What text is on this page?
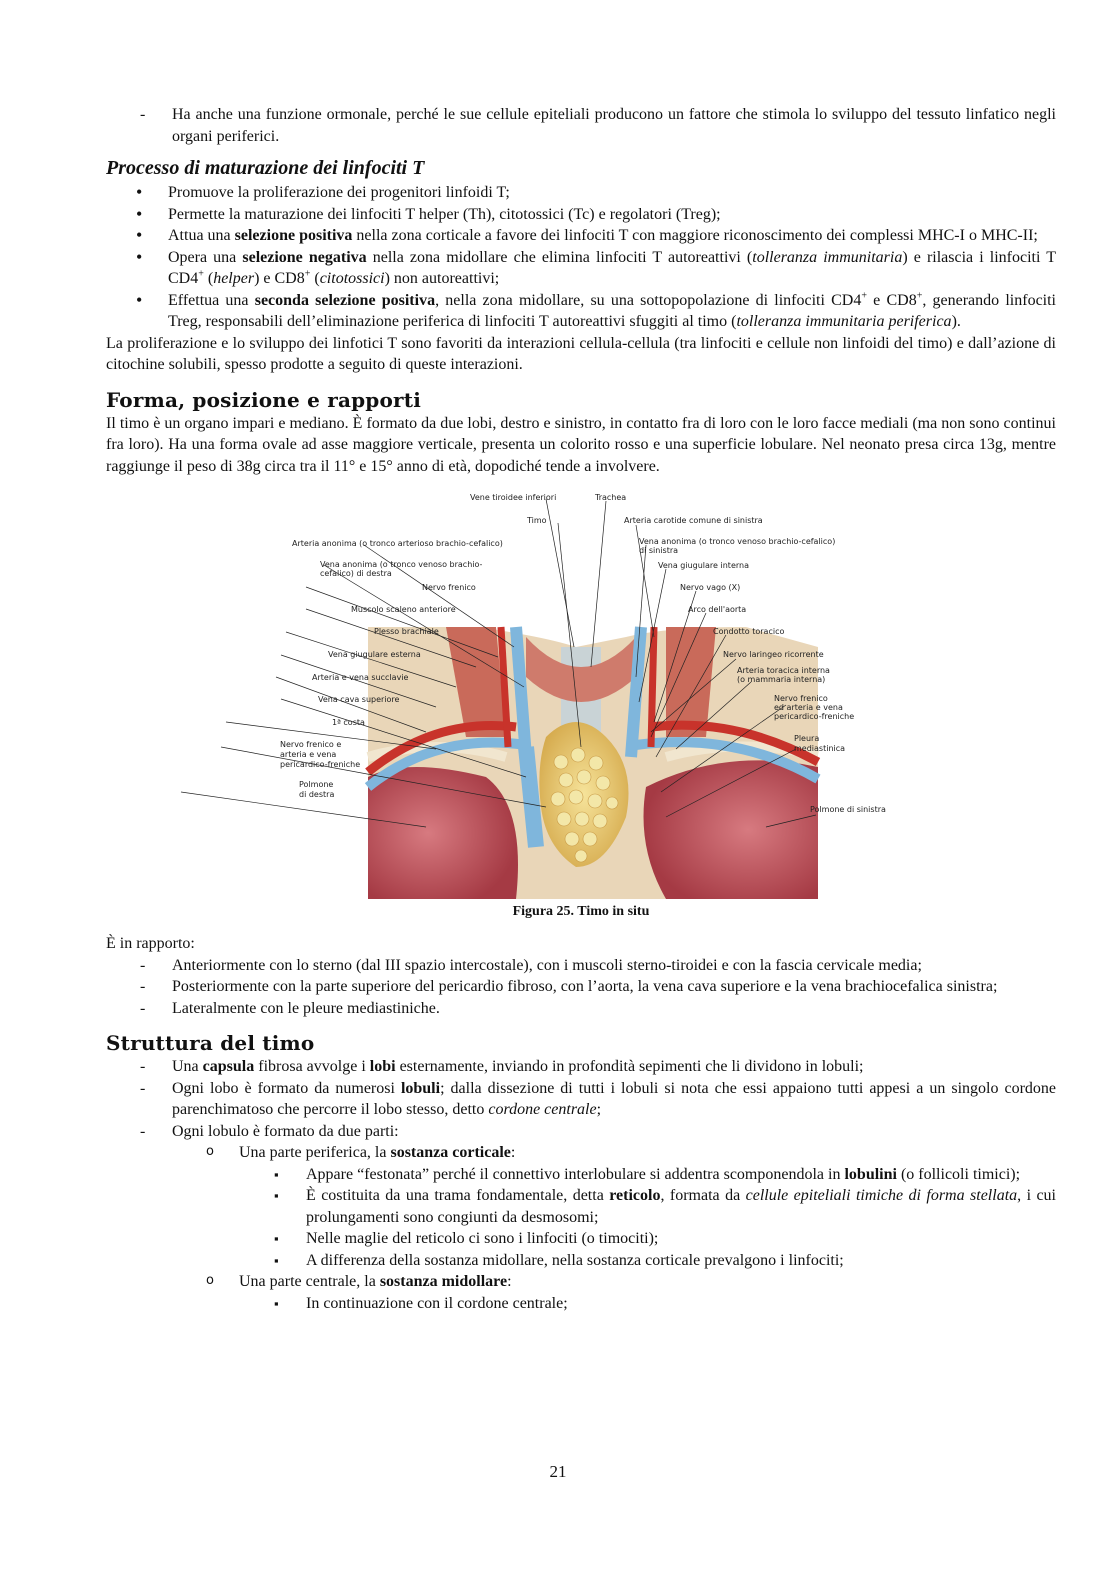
- Ha anche una funzione ormonale, perché le sue cellule epiteliali producono un fattore che stimola lo sviluppo del tessuto linfatico negli organi periferici.
Processo di maturazione dei linfociti T
• Promuove la proliferazione dei progenitori linfoidi T;
• Permette la maturazione dei linfociti T helper (Th), citotossici (Tc) e regolatori (Treg);
• Attua una selezione positiva nella zona corticale a favore dei linfociti T con maggiore riconoscimento dei complessi MHC-I o MHC-II;
• Opera una selezione negativa nella zona midollare che elimina linfociti T autoreattivi (tolleranza immunitaria) e rilascia i linfociti T CD4+ (helper) e CD8+ (citotossici) non autoreattivi;
• Effettua una seconda selezione positiva, nella zona midollare, su una sottopopolazione di linfociti CD4+ e CD8+, generando linfociti Treg, responsabili dell’eliminazione periferica di linfociti T autoreattivi sfuggiti al timo (tolleranza immunitaria periferica).

La proliferazione e lo sviluppo dei linfotici T sono favoriti da interazioni cellula-cellula (tra linfociti e cellule non linfoidi del timo) e dall’azione di citochine solubili, spesso prodotte a seguito di queste interazioni.

Forma, posizione e rapporti

Il timo è un organo impari e mediano. È formato da due lobi, destro e sinistro, in contatto fra di loro con le loro facce mediali (ma non sono continui fra loro). Ha una forma ovale ad asse maggiore verticale, presenta un colorito rosso e una superficie lobulare. Nel neonato presa circa 13g, mentre raggiunge il peso di 38g circa tra il 11° e 15° anno di età, dopodiché tende a involvere.

Arteria anonima (o tronco arterioso brachio-cefalico)
Vena anonima (o tronco venoso brachio-
cefalico) di destra
Nervo frenico
Muscolo scaleno anteriore
Plesso brachiale
Vena giugulare esterna
Arteria e vena succlavie
Vena cava superiore
1ª costa
Nervo frenico e
arteria e vena
pericardico-freniche
Polmone
di destra
Vene tiroidee inferiori	Trachea
Timo	Arteria carotide comune di sinistra
Vena anonima (o tronco venoso brachio-cefalico)
di sinistra
Vena giugulare interna
Nervo vago (X)
Arco dell'aorta
Condotto toracico
Nervo laringeo ricorrente
Arteria toracica interna
(o mammaria interna)
Nervo frenico
ed arteria e vena
pericardico-freniche
Pleura
mediastinica
Polmone di sinistra
Figura 25. Timo in situ

È in rapporto:

- Anteriormente con lo sterno (dal III spazio intercostale), con i muscoli sterno-tiroidei e con la fascia cervicale media;
- Posteriormente con la parte superiore del pericardio fibroso, con l’aorta, la vena cava superiore e la vena brachiocefalica sinistra;
- Lateralmente con le pleure mediastiniche.
Struttura del timo
- Una capsula fibrosa avvolge i lobi esternamente, inviando in profondità sepimenti che li dividono in lobuli;
- Ogni lobo è formato da numerosi lobuli; dalla dissezione di tutti i lobuli si nota che essi appaiono tutti appesi a un singolo cordone parenchimatoso che percorre il lobo stesso, detto cordone centrale;
- Ogni lobulo è formato da due parti:
o Una parte periferica, la sostanza corticale:
▪ Appare “festonata” perché il connettivo interlobulare si addentra scomponendola in lobulini (o follicoli timici);
▪ È costituita da una trama fondamentale, detta reticolo, formata da cellule epiteliali timiche di forma stellata, i cui prolungamenti sono congiunti da desmosomi;
▪ Nelle maglie del reticolo ci sono i linfociti (o timociti);
▪ A differenza della sostanza midollare, nella sostanza corticale prevalgono i linfociti;
o Una parte centrale, la sostanza midollare:
▪ In continuazione con il cordone centrale;
21
